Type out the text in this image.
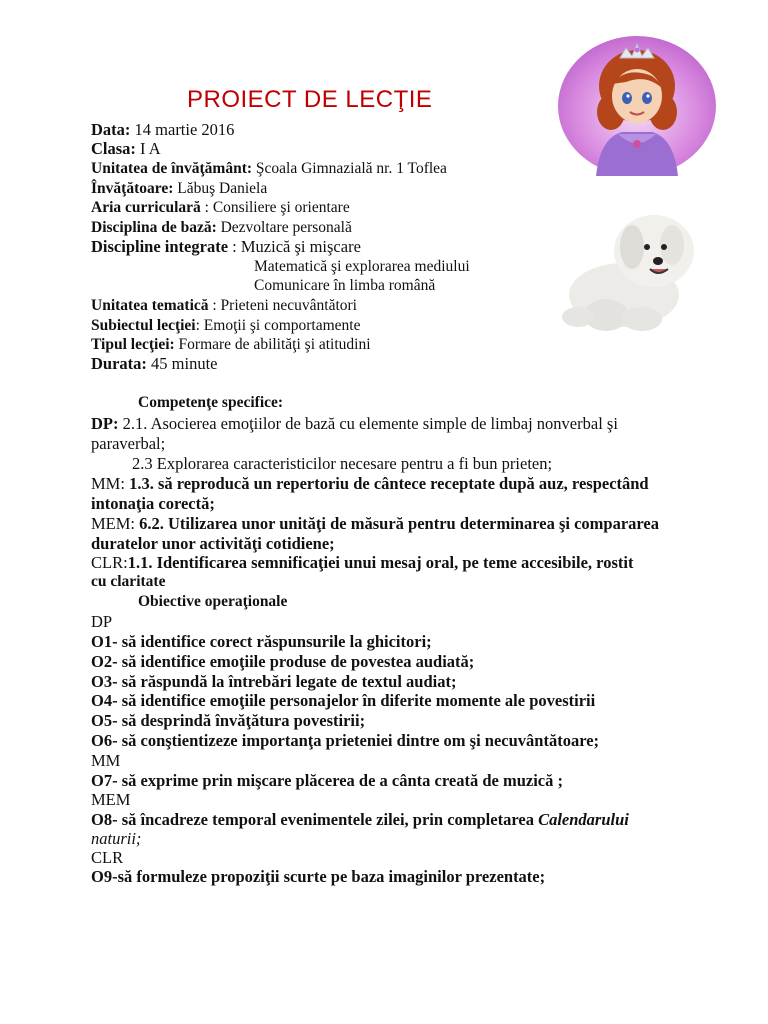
PROIECT DE LECŢIE
Data: 14 martie 2016
Clasa: I A
Unitatea de învăţământ: Şcoala Gimnazială nr. 1 Toflea
Învăţătoare: Lăbuş Daniela
Aria curriculară : Consiliere şi orientare
Disciplina de bază: Dezvoltare personală
Discipline integrate : Muzică şi mişcare
Matematică şi explorarea mediului
Comunicare în limba română
Unitatea tematică : Prieteni necuvântători
Subiectul lecţiei: Emoţii şi comportamente
Tipul lecţiei: Formare de abilităţi şi atitudini
Durata: 45 minute
Competenţe specifice:
DP: 2.1. Asocierea emoţiilor de bază cu elemente simple de limbaj nonverbal şi
paraverbal;
2.3 Explorarea caracteristicilor necesare pentru a fi bun prieten;
MM: 1.3. să reproducă un repertoriu de cântece receptate după auz, respectând
intonaţia corectă;
MEM: 6.2. Utilizarea unor unităţi de măsură pentru determinarea şi compararea
duratelor unor activităţi cotidiene;
CLR:1.1. Identificarea semnificaţiei unui mesaj oral, pe teme accesibile, rostit
cu claritate
Obiective operaţionale
DP
O1- să identifice corect răspunsurile la ghicitori;
O2- să identifice emoţiile produse de povestea audiată;
O3- să răspundă la întrebări legate de textul audiat;
O4- să identifice emoţiile personajelor în diferite momente ale povestirii
O5- să desprindă învăţătura povestirii;
O6- să conştientizeze importanţa prieteniei dintre om şi necuvântătoare;
MM
O7- să exprime prin mişcare plăcerea de a cânta creată de muzică ;
MEM
O8- să încadreze temporal evenimentele zilei, prin completarea Calendarului
naturii;
CLR
O9-să formuleze propoziţii scurte pe baza imaginilor prezentate;
